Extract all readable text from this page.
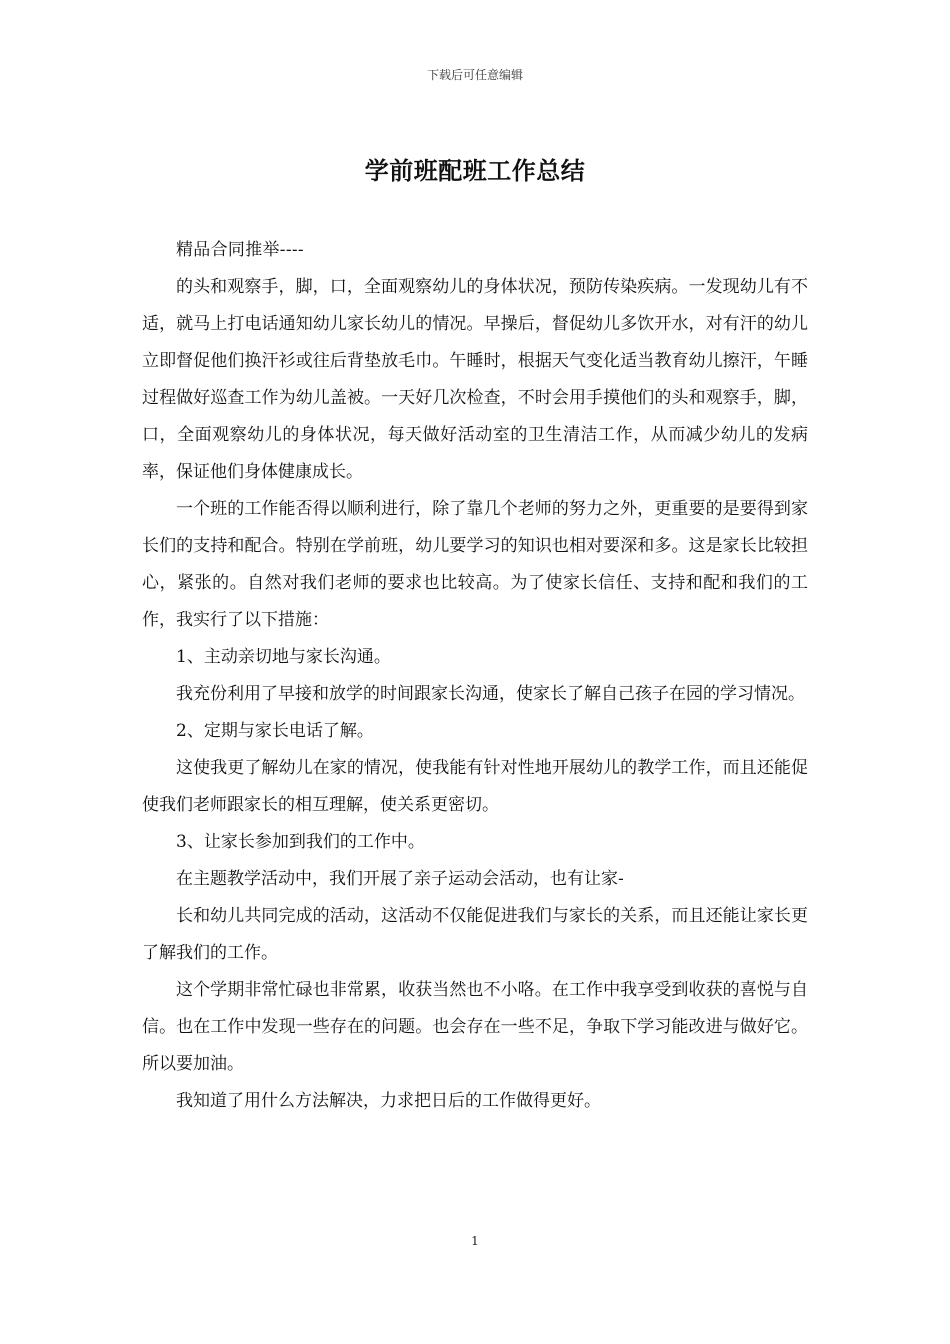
下载后可任意编辑
学前班配班工作总结

精品合同推举----

的头和观察手，脚，口，全面观察幼儿的身体状况，预防传染疾病。一发现幼儿有不适，就马上打电话通知幼儿家长幼儿的情况。早操后，督促幼儿多饮开水，对有汗的幼儿立即督促他们换汗衫或往后背垫放毛巾。午睡时，根据天气变化适当教育幼儿擦汗，午睡过程做好巡查工作为幼儿盖被。一天好几次检查，不时会用手摸他们的头和观察手，脚，口，全面观察幼儿的身体状况，每天做好活动室的卫生清洁工作，从而减少幼儿的发病率，保证他们身体健康成长。

一个班的工作能否得以顺利进行，除了靠几个老师的努力之外，更重要的是要得到家长们的支持和配合。特别在学前班，幼儿要学习的知识也相对要深和多。这是家长比较担心，紧张的。自然对我们老师的要求也比较高。为了使家长信任、支持和配和我们的工作，我实行了以下措施：

1、主动亲切地与家长沟通。

我充份利用了早接和放学的时间跟家长沟通，使家长了解自己孩子在园的学习情况。

2、定期与家长电话了解。

这使我更了解幼儿在家的情况，使我能有针对性地开展幼儿的教学工作，而且还能促使我们老师跟家长的相互理解，使关系更密切。

3、让家长参加到我们的工作中。

在主题教学活动中，我们开展了亲子运动会活动，也有让家-

长和幼儿共同完成的活动，这活动不仅能促进我们与家长的关系，而且还能让家长更了解我们的工作。

这个学期非常忙碌也非常累，收获当然也不小咯。在工作中我享受到收获的喜悦与自信。也在工作中发现一些存在的问题。也会存在一些不足，争取下学习能改进与做好它。所以要加油。

我知道了用什么方法解决，力求把日后的工作做得更好。

1
